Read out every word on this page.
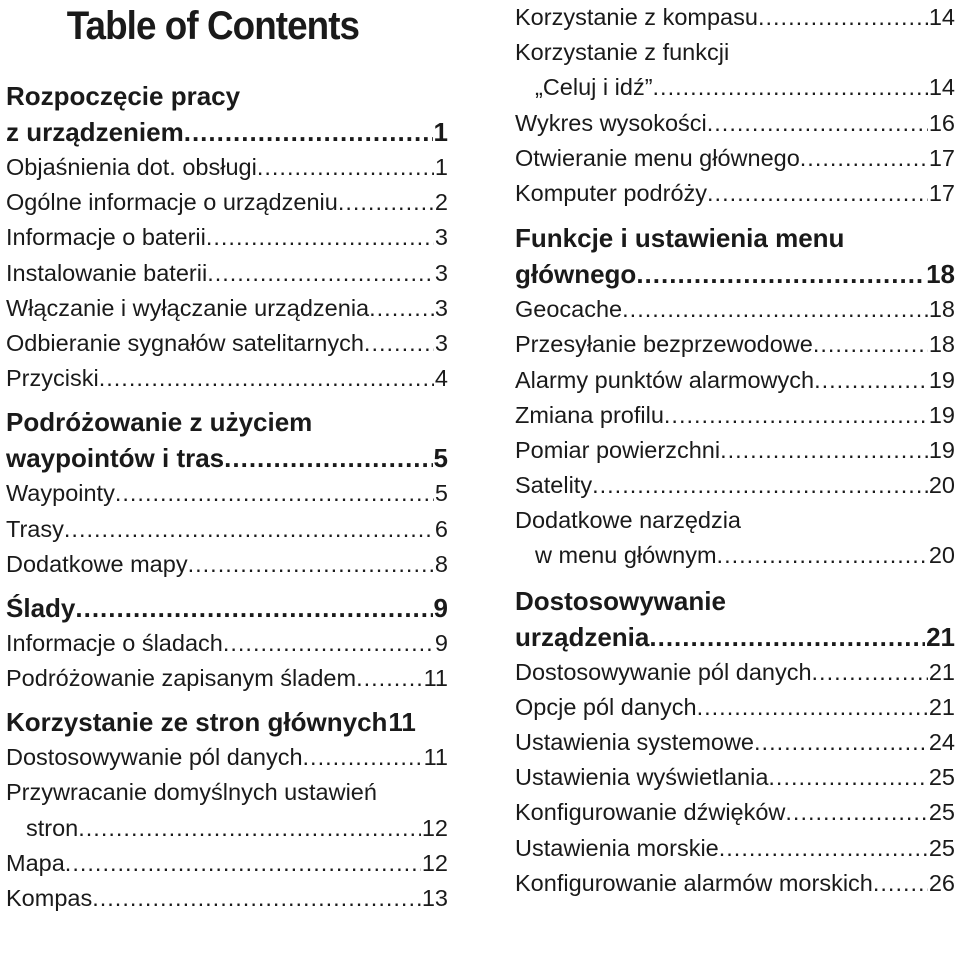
Table of Contents
Rozpoczęcie pracy
z urządzeniem .....	1
Objaśnienia dot. obsługi .....	1
Ogólne informacje o urządzeniu .....	2
Informacje o baterii .....	3
Instalowanie baterii .....	3
Włączanie i wyłączanie urządzenia .....	3
Odbieranie sygnałów satelitarnych .....	3
Przyciski .....	4
Podróżowanie z użyciem
waypointów i tras .....	5
Waypointy .....	5
Trasy .....	6
Dodatkowe mapy .....	8
Ślady .....	9
Informacje o śladach .....	9
Podróżowanie zapisanym śladem .....	11
Korzystanie ze stron głównych 11
Dostosowywanie pól danych .....	11
Przywracanie domyślnych ustawień
stron .....	12
Mapa .....	12
Kompas .....	13
Korzystanie z kompasu .....	14
Korzystanie z funkcji
„Celuj i idź” .....	14
Wykres wysokości .....	16
Otwieranie menu głównego .....	17
Komputer podróży .....	17
Funkcje i ustawienia menu
głównego .....	18
Geocache .....	18
Przesyłanie bezprzewodowe .....	18
Alarmy punktów alarmowych .....	19
Zmiana profilu .....	19
Pomiar powierzchni .....	19
Satelity .....	20
Dodatkowe narzędzia
w menu głównym .....	20
Dostosowywanie
urządzenia .....	21
Dostosowywanie pól danych .....	21
Opcje pól danych .....	21
Ustawienia systemowe .....	24
Ustawienia wyświetlania .....	25
Konfigurowanie dźwięków .....	25
Ustawienia morskie .....	25
Konfigurowanie alarmów morskich ..... 26
